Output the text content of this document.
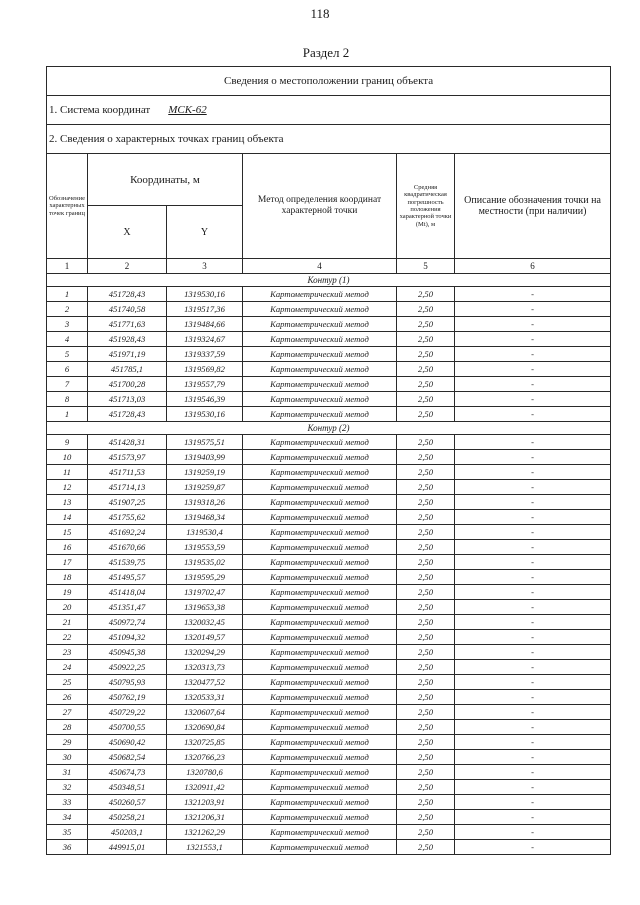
118
Раздел 2
Сведения о местоположении границ объекта					
1. Система координат МСК-62					
2. Сведения о характерных точках границ объекта					
Обозначение характерных точек границ	Координаты, м		Метод определения координат характерной точки	Средняя квадратическая погрешность положения характерной точки (Mt), м	Описание обозначения точки на местности (при наличии)
	X	Y			
1	2	3	4	5	6
Контур (1)					
1	451728,43	1319530,16	Картометрический метод	2,50	-
2	451740,58	1319517,36	Картометрический метод	2,50	-
3	451771,63	1319484,66	Картометрический метод	2,50	-
4	451928,43	1319324,67	Картометрический метод	2,50	-
5	451971,19	1319337,59	Картометрический метод	2,50	-
6	451785,1	1319569,82	Картометрический метод	2,50	-
7	451700,28	1319557,79	Картометрический метод	2,50	-
8	451713,03	1319546,39	Картометрический метод	2,50	-
1	451728,43	1319530,16	Картометрический метод	2,50	-
Контур (2)					
9	451428,31	1319575,51	Картометрический метод	2,50	-
10	451573,97	1319403,99	Картометрический метод	2,50	-
11	451711,53	1319259,19	Картометрический метод	2,50	-
12	451714,13	1319259,87	Картометрический метод	2,50	-
13	451907,25	1319318,26	Картометрический метод	2,50	-
14	451755,62	1319468,34	Картометрический метод	2,50	-
15	451692,24	1319530,4	Картометрический метод	2,50	-
16	451670,66	1319553,59	Картометрический метод	2,50	-
17	451539,75	1319535,02	Картометрический метод	2,50	-
18	451495,57	1319595,29	Картометрический метод	2,50	-
19	451418,04	1319702,47	Картометрический метод	2,50	-
20	451351,47	1319653,38	Картометрический метод	2,50	-
21	450972,74	1320032,45	Картометрический метод	2,50	-
22	451094,32	1320149,57	Картометрический метод	2,50	-
23	450945,38	1320294,29	Картометрический метод	2,50	-
24	450922,25	1320313,73	Картометрический метод	2,50	-
25	450795,93	1320477,52	Картометрический метод	2,50	-
26	450762,19	1320533,31	Картометрический метод	2,50	-
27	450729,22	1320607,64	Картометрический метод	2,50	-
28	450700,55	1320690,84	Картометрический метод	2,50	-
29	450690,42	1320725,85	Картометрический метод	2,50	-
30	450682,54	1320766,23	Картометрический метод	2,50	-
31	450674,73	1320780,6	Картометрический метод	2,50	-
32	450348,51	1320911,42	Картометрический метод	2,50	-
33	450260,57	1321203,91	Картометрический метод	2,50	-
34	450258,21	1321206,31	Картометрический метод	2,50	-
35	450203,1	1321262,29	Картометрический метод	2,50	-
36	449915,01	1321553,1	Картометрический метод	2,50	-
